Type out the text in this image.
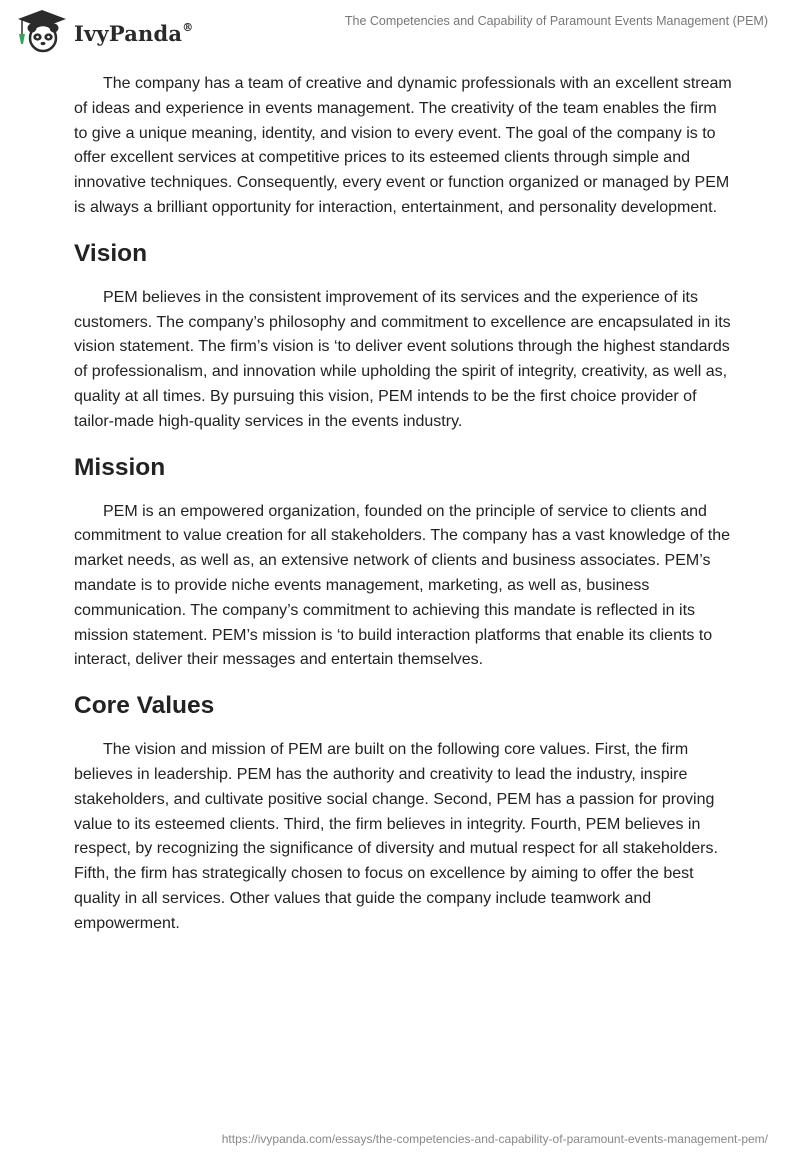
IvyPanda®	The Competencies and Capability of Paramount Events Management (PEM)

The company has a team of creative and dynamic professionals with an excellent stream of ideas and experience in events management. The creativity of the team enables the firm to give a unique meaning, identity, and vision to every event. The goal of the company is to offer excellent services at competitive prices to its esteemed clients through simple and innovative techniques. Consequently, every event or function organized or managed by PEM is always a brilliant opportunity for interaction, entertainment, and personality development.

Vision

PEM believes in the consistent improvement of its services and the experience of its customers. The company’s philosophy and commitment to excellence are encapsulated in its vision statement. The firm’s vision is ‘to deliver event solutions through the highest standards of professionalism, and innovation while upholding the spirit of integrity, creativity, as well as, quality at all times. By pursuing this vision, PEM intends to be the first choice provider of tailor-made high-quality services in the events industry.

Mission

PEM is an empowered organization, founded on the principle of service to clients and commitment to value creation for all stakeholders. The company has a vast knowledge of the market needs, as well as, an extensive network of clients and business associates. PEM’s mandate is to provide niche events management, marketing, as well as, business communication. The company’s commitment to achieving this mandate is reflected in its mission statement. PEM’s mission is ‘to build interaction platforms that enable its clients to interact, deliver their messages and entertain themselves.

Core Values

The vision and mission of PEM are built on the following core values. First, the firm believes in leadership. PEM has the authority and creativity to lead the industry, inspire stakeholders, and cultivate positive social change. Second, PEM has a passion for proving value to its esteemed clients. Third, the firm believes in integrity. Fourth, PEM believes in respect, by recognizing the significance of diversity and mutual respect for all stakeholders. Fifth, the firm has strategically chosen to focus on excellence by aiming to offer the best quality in all services. Other values that guide the company include teamwork and empowerment.

https://ivypanda.com/essays/the-competencies-and-capability-of-paramount-events-management-pem/
